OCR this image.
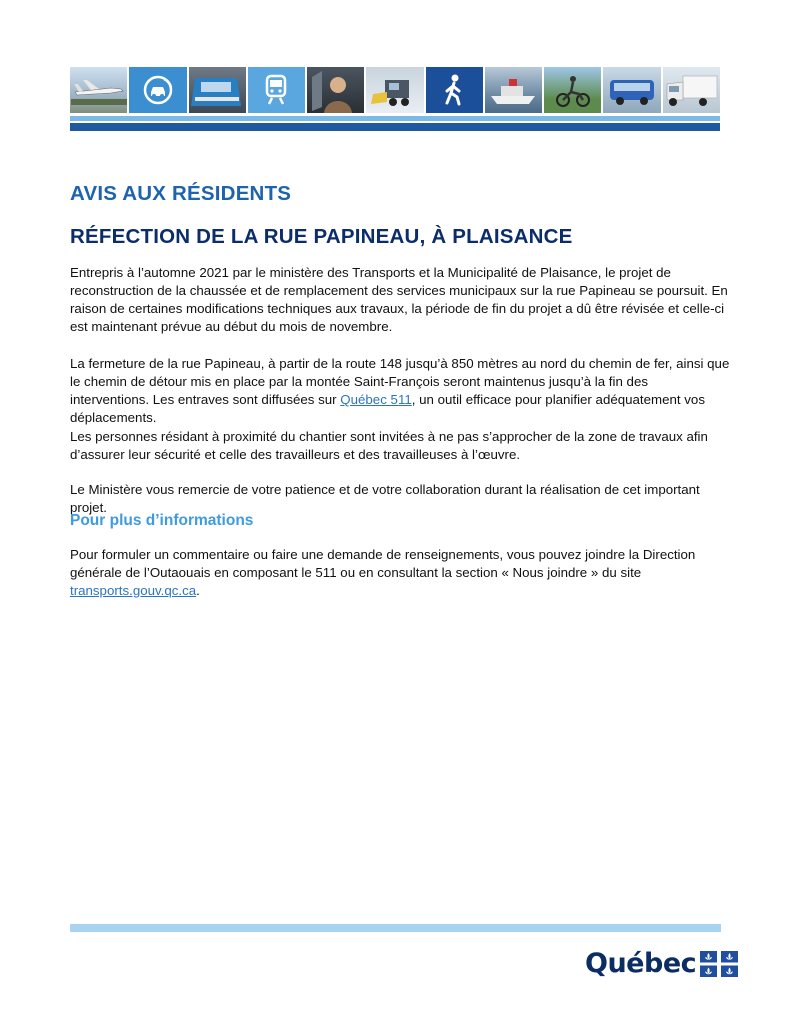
AVIS AUX RÉSIDENTS
RÉFECTION DE LA RUE PAPINEAU, À PLAISANCE

Entrepris à l’automne 2021 par le ministère des Transports et la Municipalité de Plaisance, le projet de reconstruction de la chaussée et de remplacement des services municipaux sur la rue Papineau se poursuit. En raison de certaines modifications techniques aux travaux, la période de fin du projet a dû être révisée et celle-ci est maintenant prévue au début du mois de novembre.

La fermeture de la rue Papineau, à partir de la route 148 jusqu’à 850 mètres au nord du chemin de fer, ainsi que le chemin de détour mis en place par la montée Saint-François seront maintenus jusqu’à la fin des interventions. Les entraves sont diffusées sur Québec 511, un outil efficace pour planifier adéquatement vos déplacements.

Les personnes résidant à proximité du chantier sont invitées à ne pas s’approcher de la zone de travaux afin d’assurer leur sécurité et celle des travailleurs et des travailleuses à l’œuvre.

Le Ministère vous remercie de votre patience et de votre collaboration durant la réalisation de cet important projet.

Pour plus d’informations

Pour formuler un commentaire ou faire une demande de renseignements, vous pouvez joindre la Direction générale de l’Outaouais en composant le 511 ou en consultant la section « Nous joindre » du site transports.gouv.qc.ca.

Québec
